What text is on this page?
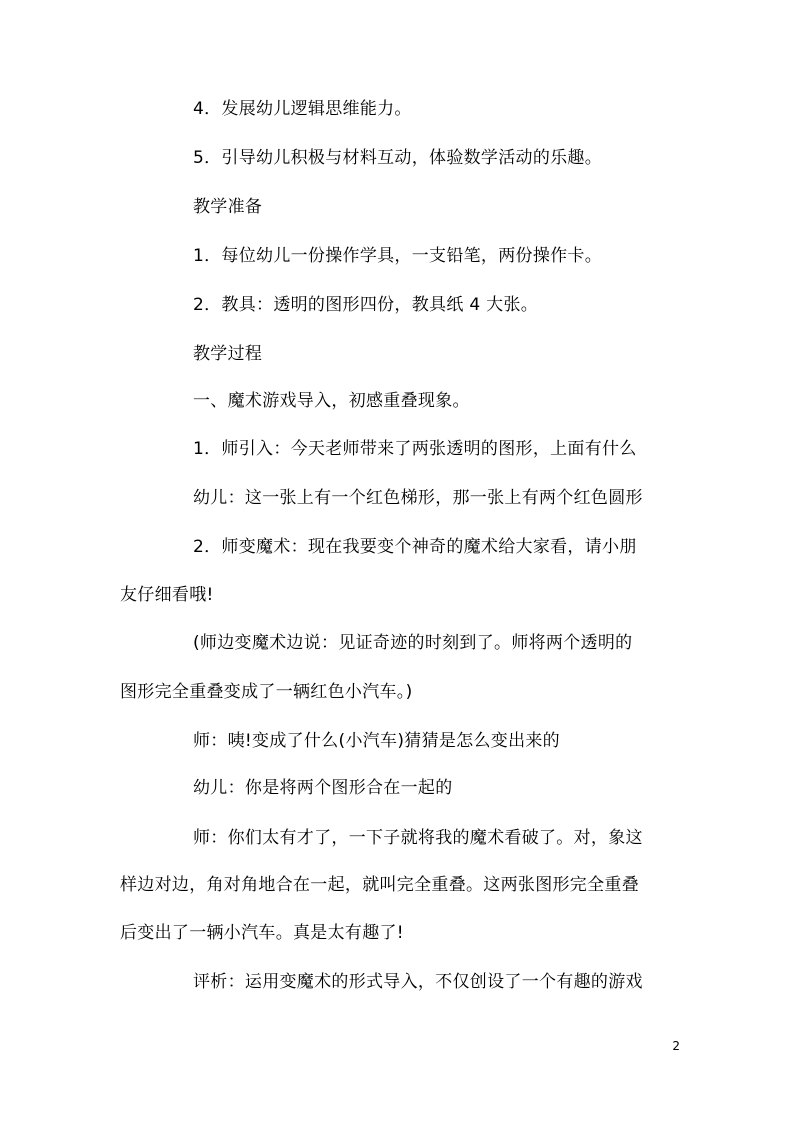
4．发展幼儿逻辑思维能力。
5．引导幼儿积极与材料互动，体验数学活动的乐趣。
教学准备
1．每位幼儿一份操作学具，一支铅笔，两份操作卡。
2．教具：透明的图形四份，教具纸 4 大张。
教学过程
一、魔术游戏导入，初感重叠现象。
1．师引入：今天老师带来了两张透明的图形，上面有什么
幼儿：这一张上有一个红色梯形，那一张上有两个红色圆形
2．师变魔术：现在我要变个神奇的魔术给大家看，请小朋
友仔细看哦!
(师边变魔术边说：见证奇迹的时刻到了。师将两个透明的
图形完全重叠变成了一辆红色小汽车。)
师：咦!变成了什么(小汽车)猜猜是怎么变出来的
幼儿：你是将两个图形合在一起的
师：你们太有才了，一下子就将我的魔术看破了。对，象这
样边对边，角对角地合在一起，就叫完全重叠。这两张图形完全重叠
后变出了一辆小汽车。真是太有趣了!
评析：运用变魔术的形式导入，不仅创设了一个有趣的游戏
2
